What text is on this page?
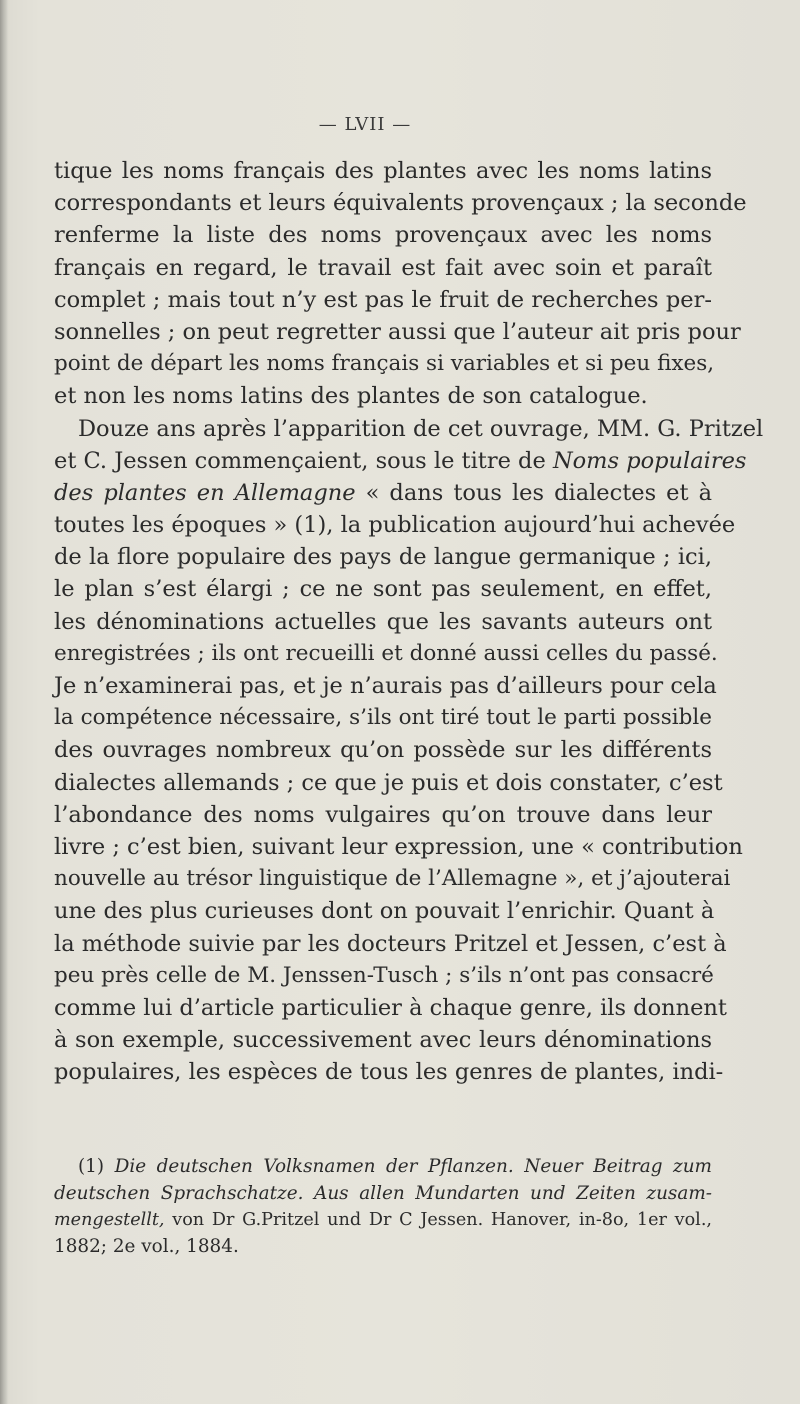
— LVII —
tique les noms français des plantes avec les noms latins
correspondants et leurs équivalents provençaux ; la seconde
renferme la liste des noms provençaux avec les noms
français en regard, le travail est fait avec soin et paraît
complet ; mais tout n’y est pas le fruit de recherches per-
sonnelles ; on peut regretter aussi que l’auteur ait pris pour
point de départ les noms français si variables et si peu fixes,
et non les noms latins des plantes de son catalogue.
Douze ans après l’apparition de cet ouvrage, MM. G. Pritzel
et C. Jessen commençaient, sous le titre de Noms populaires
des plantes en Allemagne « dans tous les dialectes et à
toutes les époques » (1), la publication aujourd’hui achevée
de la flore populaire des pays de langue germanique ; ici,
le plan s’est élargi ; ce ne sont pas seulement, en effet,
les dénominations actuelles que les savants auteurs ont
enregistrées ; ils ont recueilli et donné aussi celles du passé.
Je n’examinerai pas, et je n’aurais pas d’ailleurs pour cela
la compétence nécessaire, s’ils ont tiré tout le parti possible
des ouvrages nombreux qu’on possède sur les différents
dialectes allemands ; ce que je puis et dois constater, c’est
l’abondance des noms vulgaires qu’on trouve dans leur
livre ; c’est bien, suivant leur expression, une « contribution
nouvelle au trésor linguistique de l’Allemagne », et j’ajouterai
une des plus curieuses dont on pouvait l’enrichir. Quant à
la méthode suivie par les docteurs Pritzel et Jessen, c’est à
peu près celle de M. Jenssen-Tusch ; s’ils n’ont pas consacré
comme lui d’article particulier à chaque genre, ils donnent
à son exemple, successivement avec leurs dénominations
populaires, les espèces de tous les genres de plantes, indi-
(1) Die deutschen Volksnamen der Pflanzen. Neuer Beitrag zum
deutschen Sprachschatze. Aus allen Mundarten und Zeiten zusam-
mengestellt, von Dr G.Pritzel und Dr C Jessen. Hanover, in-8o, 1er vol.,
1882; 2e vol., 1884.
